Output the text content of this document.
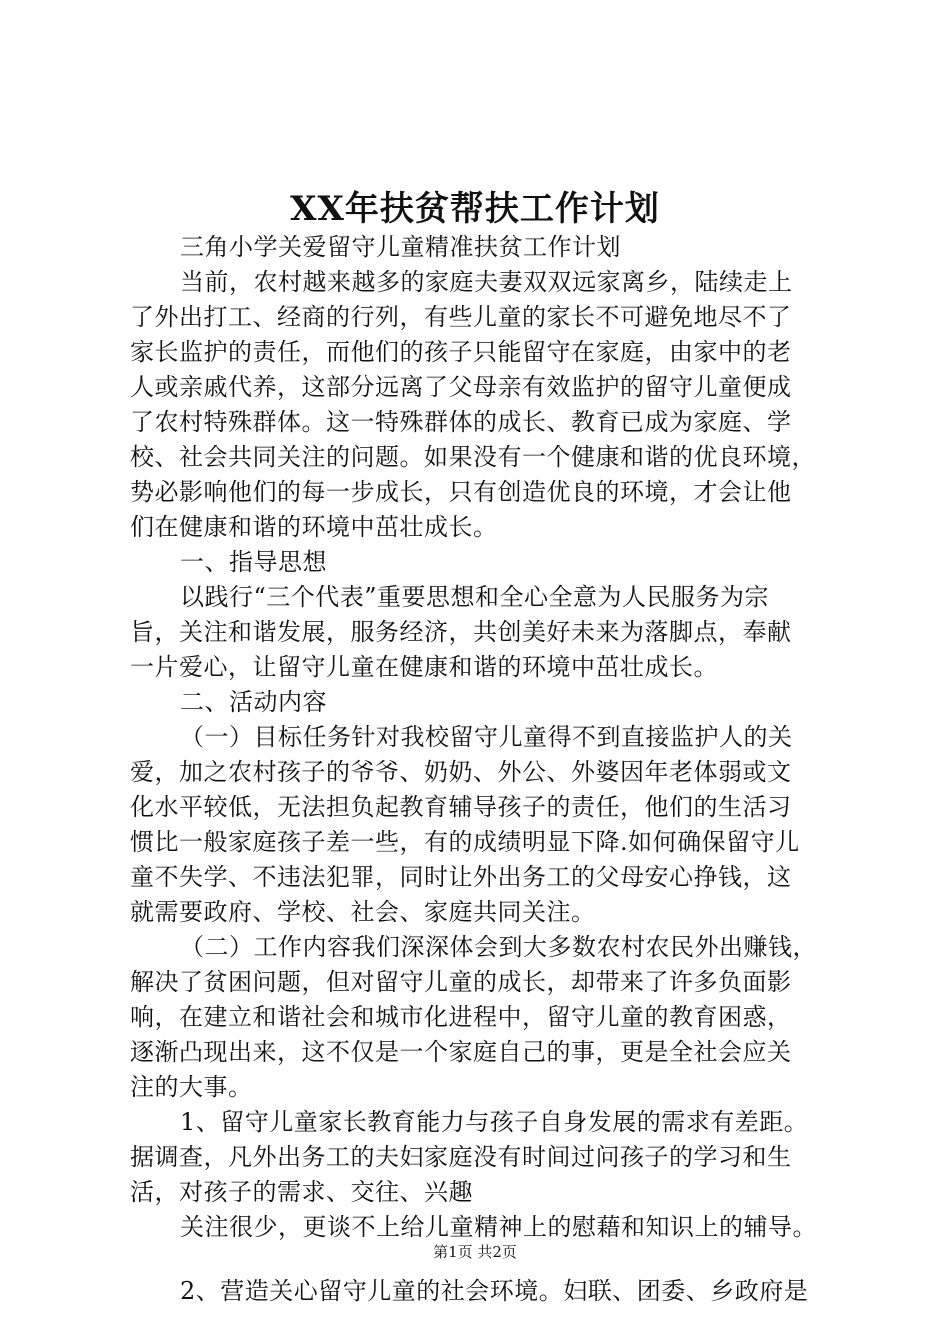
XX年扶贫帮扶工作计划
三角小学关爱留守儿童精准扶贫工作计划
当前，农村越来越多的家庭夫妻双双远家离乡，陆续走上
了外出打工、经商的行列，有些儿童的家长不可避免地尽不了
家长监护的责任，而他们的孩子只能留守在家庭，由家中的老
人或亲戚代养，这部分远离了父母亲有效监护的留守儿童便成
了农村特殊群体。这一特殊群体的成长、教育已成为家庭、学
校、社会共同关注的问题。如果没有一个健康和谐的优良环境，
势必影响他们的每一步成长，只有创造优良的环境，才会让他
们在健康和谐的环境中茁壮成长。
一、指导思想
以践行“三个代表”重要思想和全心全意为人民服务为宗
旨，关注和谐发展，服务经济，共创美好未来为落脚点，奉献
一片爱心，让留守儿童在健康和谐的环境中茁壮成长。
二、活动内容
（一）目标任务针对我校留守儿童得不到直接监护人的关
爱，加之农村孩子的爷爷、奶奶、外公、外婆因年老体弱或文
化水平较低，无法担负起教育辅导孩子的责任，他们的生活习
惯比一般家庭孩子差一些，有的成绩明显下降.如何确保留守儿
童不失学、不违法犯罪，同时让外出务工的父母安心挣钱，这
就需要政府、学校、社会、家庭共同关注。
（二）工作内容我们深深体会到大多数农村农民外出赚钱，
解决了贫困问题，但对留守儿童的成长，却带来了许多负面影
响，在建立和谐社会和城市化进程中，留守儿童的教育困惑，
逐渐凸现出来，这不仅是一个家庭自己的事，更是全社会应关
注的大事。
1、留守儿童家长教育能力与孩子自身发展的需求有差距。
据调查，凡外出务工的夫妇家庭没有时间过问孩子的学习和生
活，对孩子的需求、交往、兴趣
关注很少，更谈不上给儿童精神上的慰藉和知识上的辅导。
2、营造关心留守儿童的社会环境。妇联、团委、乡政府是
第1页 共2页
